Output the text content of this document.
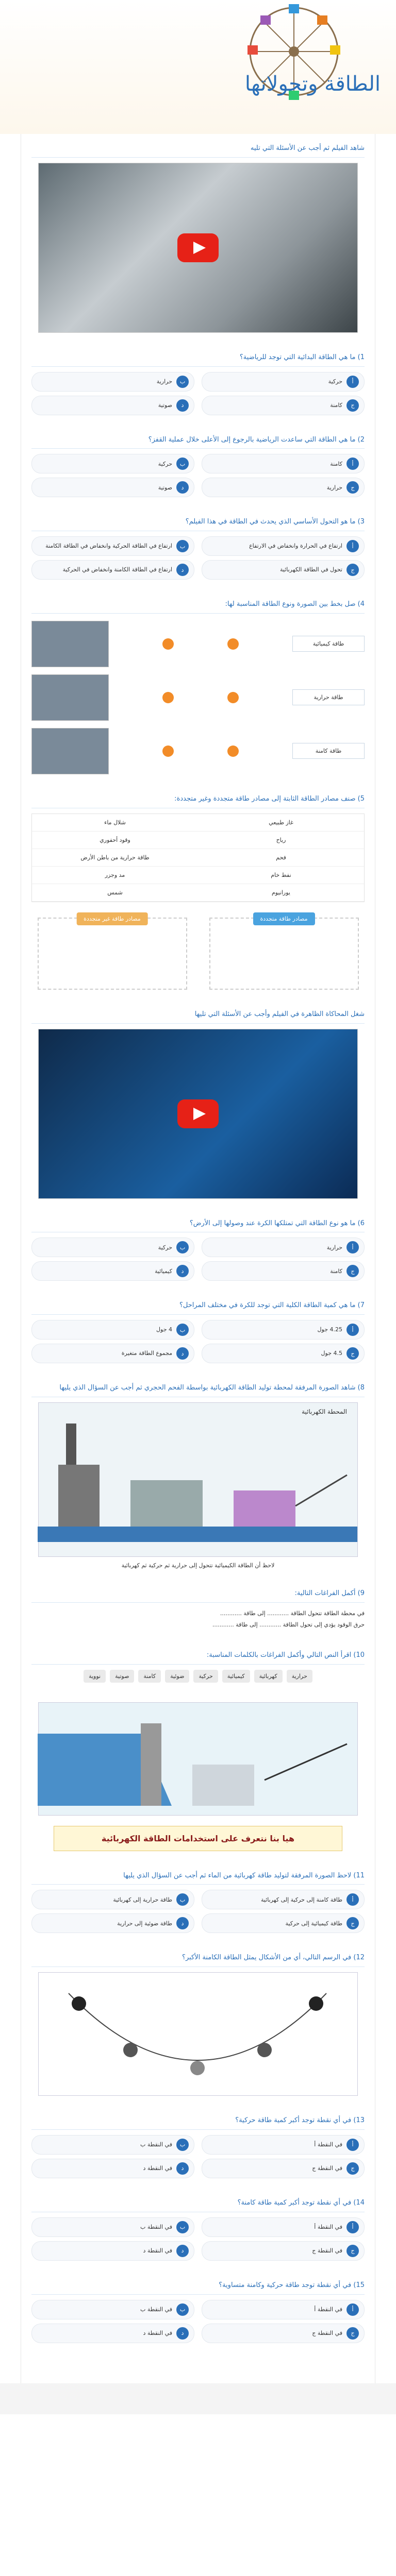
الطاقة وتحولاتها
شاهد الفيلم ثم أجب عن الأسئلة التي تليه
1) ما هي الطاقة البدائية التي توجد للرياضية؟
أ
حركية
ب
حرارية
ج
كامنة
د
صوتية
2) ما هي الطاقة التي ساعدت الرياضية بالرجوع إلى الأعلى خلال عملية القفز؟
أ
كامنة
ب
حركية
ج
حرارية
د
صوتية
3) ما هو التحول الأساسي الذي يحدث في الطاقة في هذا الفيلم؟
أ
ارتفاع في الحرارة وانخفاض في الارتفاع
ب
ارتفاع في الطاقة الحركية وانخفاض في الطاقة الكامنة
ج
تحول في الطاقة الكهربائية
د
ارتفاع في الطاقة الكامنة وانخفاض في الحركية
4) صل بخط بين الصورة ونوع الطاقة المناسبة لها:
طاقة كيميائية
طاقة حرارية
طاقة كامنة
5) صنف مصادر الطاقة الثابتة إلى مصادر طاقة متجددة وغير متجددة:
غاز طبيعي
شلال ماء
رياح
وقود أحفوري
فحم
طاقة حرارية من باطن الأرض
نفط خام
مد وجزر
يورانيوم
شمس
مصادر طاقة متجددة
مصادر طاقة غير متجددة
شغل المحاكاة الظاهرة في الفيلم وأجب عن الأسئلة التي تليها
6) ما هو نوع الطاقة التي تمتلكها الكرة عند وصولها إلى الأرض؟
أ
حرارية
ب
حركية
ج
كامنة
د
كيميائية
7) ما هي كمية الطاقة الكلية التي توجد للكرة في مختلف المراحل؟
أ
4.25 جول
ب
4 جول
ج
4.5 جول
د
مجموع الطاقة متغيرة
8) شاهد الصورة المرفقة لمحطة توليد الطاقة الكهربائية بواسطة الفحم الحجري ثم أجب عن السؤال الذي يليها
المحطة الكهربائية
لاحظ أن الطاقة الكيميائية تتحول إلى حرارية ثم حركية ثم كهربائية
9) أكمل الفراغات التالية:

في محطة الطاقة تتحول الطاقة ............ إلى طاقة ............

حرق الوقود يؤدي إلى تحول الطاقة ............ إلى طاقة ............

10) اقرأ النص التالي وأكمل الفراغات بالكلمات المناسبة:
حرارية
كهربائية
كيميائية
حركية
ضوئية
كامنة
صوتية
نووية
هيا بنا نتعرف على استخدامات الطاقة الكهربائية
11) لاحظ الصورة المرفقة لتوليد طاقة كهربائية من الماء ثم أجب عن السؤال الذي يليها
أ
طاقة كامنة إلى حركية إلى كهربائية
ب
طاقة حرارية إلى كهربائية
ج
طاقة كيميائية إلى حركية
د
طاقة ضوئية إلى حرارية
12) في الرسم التالي، أي من الأشكال يمثل الطاقة الكامنة الأكبر؟
13) في أي نقطة توجد أكبر كمية طاقة حركية؟
أ
في النقطة أ
ب
في النقطة ب
ج
في النقطة ج
د
في النقطة د
14) في أي نقطة توجد أكبر كمية طاقة كامنة؟
أ
في النقطة أ
ب
في النقطة ب
ج
في النقطة ج
د
في النقطة د
15) في أي نقطة توجد طاقة حركية وكامنة متساوية؟
أ
في النقطة أ
ب
في النقطة ب
ج
في النقطة ج
د
في النقطة د
